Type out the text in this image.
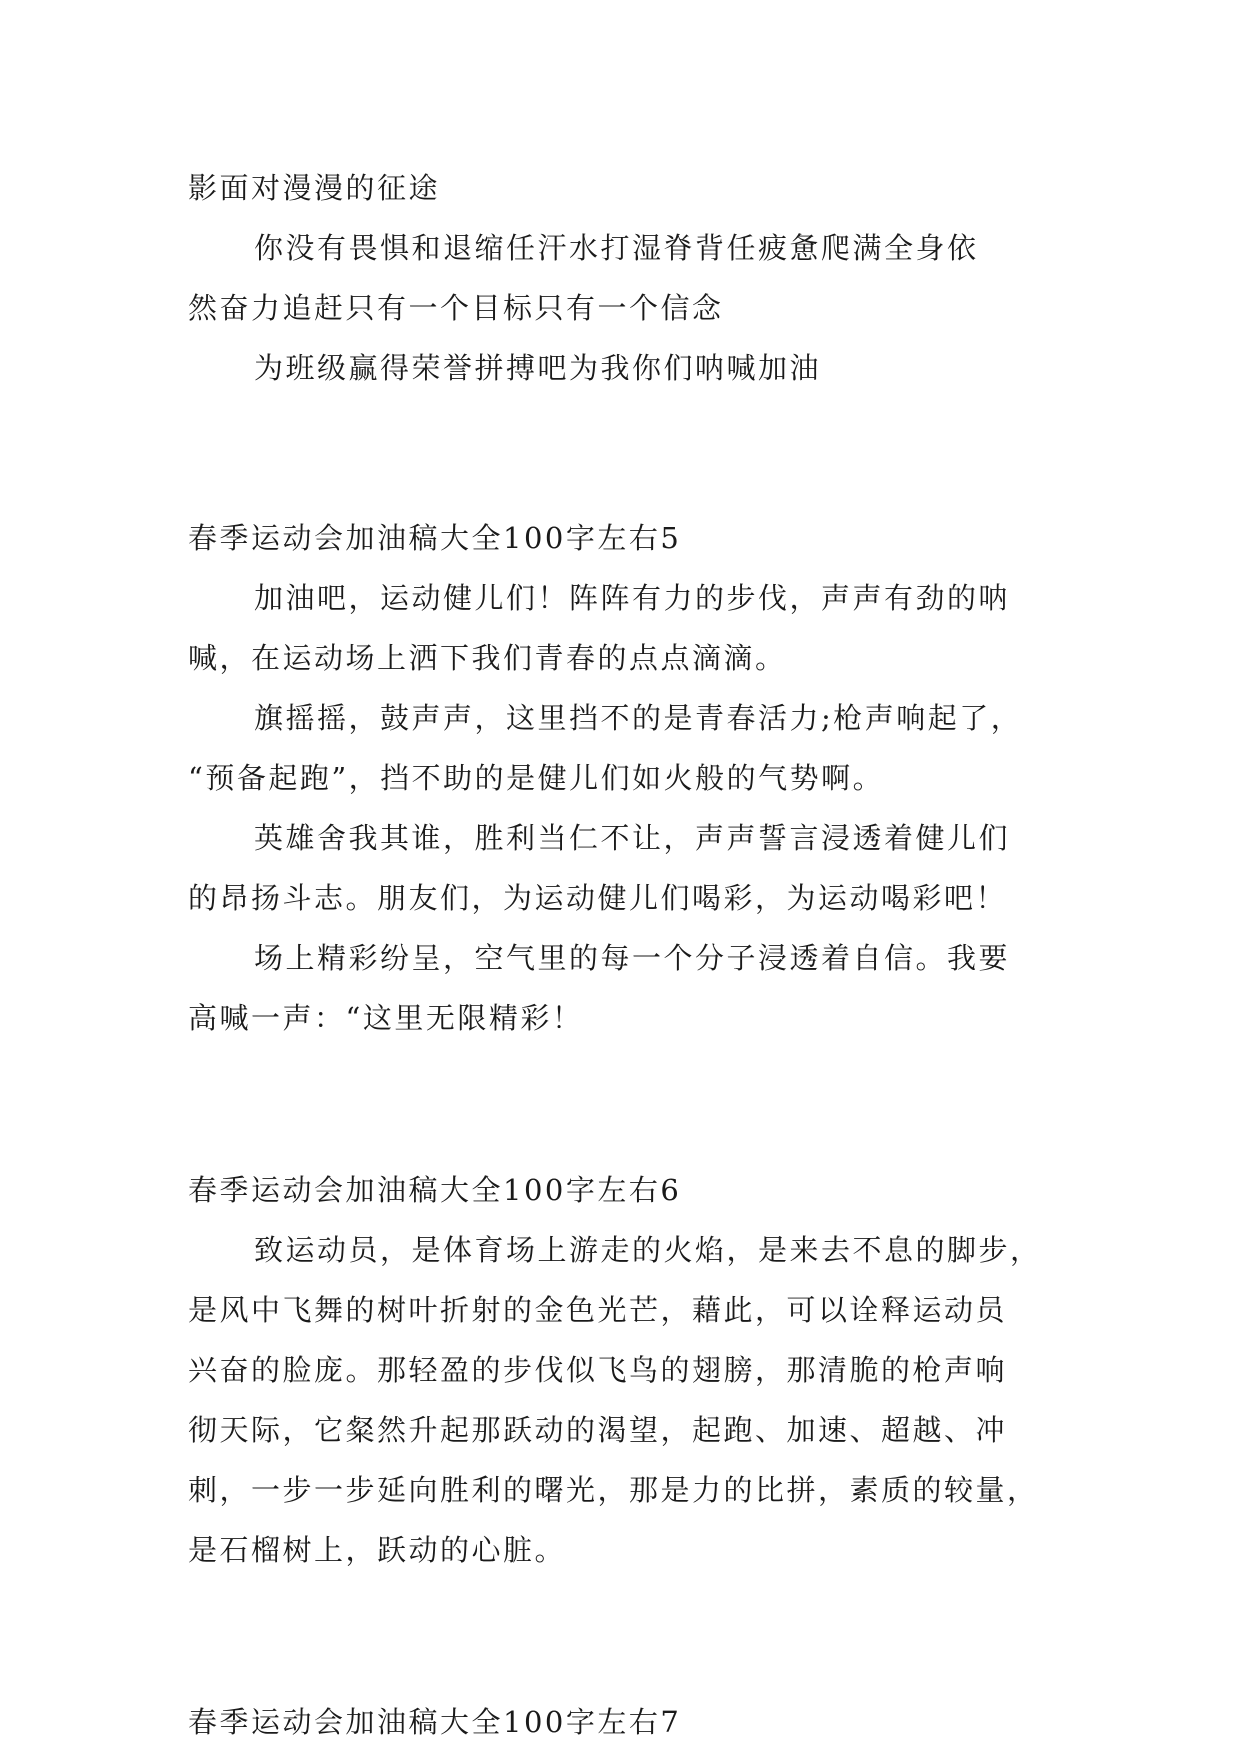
影面对漫漫的征途
你没有畏惧和退缩任汗水打湿脊背任疲惫爬满全身依
然奋力追赶只有一个目标只有一个信念
为班级赢得荣誉拼搏吧为我你们呐喊加油
春季运动会加油稿大全100字左右5
加油吧，运动健儿们！阵阵有力的步伐，声声有劲的呐
喊，在运动场上洒下我们青春的点点滴滴。
旗摇摇，鼓声声，这里挡不的是青春活力;枪声响起了，
“预备起跑”，挡不助的是健儿们如火般的气势啊。
英雄舍我其谁，胜利当仁不让，声声誓言浸透着健儿们
的昂扬斗志。朋友们，为运动健儿们喝彩，为运动喝彩吧！
场上精彩纷呈，空气里的每一个分子浸透着自信。我要
高喊一声：“这里无限精彩！
春季运动会加油稿大全100字左右6
致运动员，是体育场上游走的火焰，是来去不息的脚步，
是风中飞舞的树叶折射的金色光芒，藉此，可以诠释运动员
兴奋的脸庞。那轻盈的步伐似飞鸟的翅膀，那清脆的枪声响
彻天际，它粲然升起那跃动的渴望，起跑、加速、超越、冲
刺，一步一步延向胜利的曙光，那是力的比拼，素质的较量，
是石榴树上，跃动的心脏。
春季运动会加油稿大全100字左右7
